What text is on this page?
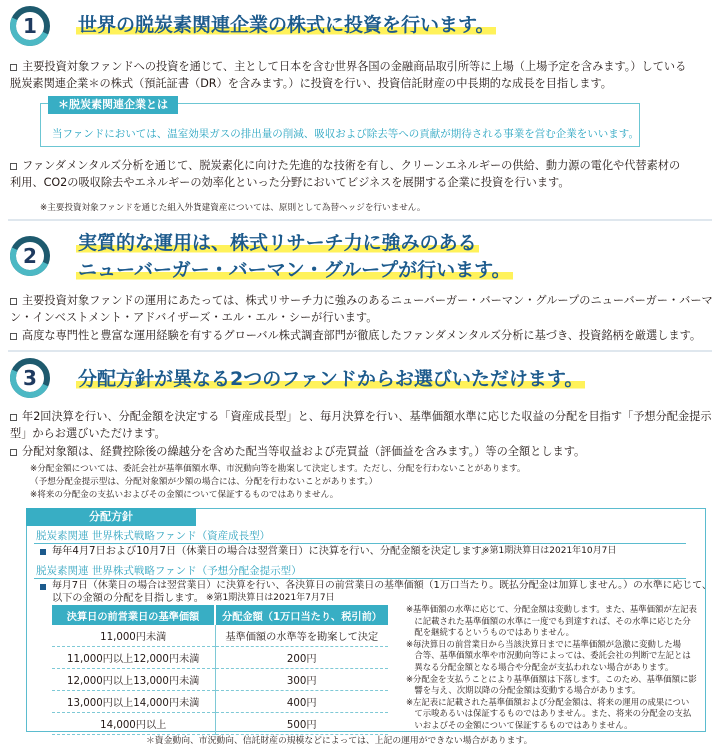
1 世界の脱炭素関連企業の株式に投資を行います。
主要投資対象ファンドへの投資を通じて、主として日本を含む世界各国の金融商品取引所等に上場（上場予定を含みます。）している
脱炭素関連企業＊の株式（預託証書（DR）を含みます。）に投資を行い、投資信託財産の中長期的な成長を目指します。
＊脱炭素関連企業とは
当ファンドにおいては、温室効果ガスの排出量の削減、吸収および除去等への貢献が期待される事業を営む企業をいいます。
ファンダメンタルズ分析を通じて、脱炭素化に向けた先進的な技術を有し、クリーンエネルギーの供給、動力源の電化や代替素材の
利用、CO2の吸収除去やエネルギーの効率化といった分野においてビジネスを展開する企業に投資を行います。
※主要投資対象ファンドを通じた組入外貨建資産については、原則として為替ヘッジを行いません。
2
実質的な運用は、株式リサーチ力に強みのある
ニューバーガー・バーマン・グループが行います。
主要投資対象ファンドの運用にあたっては、株式リサーチ力に強みのあるニューバーガー・バーマン・グループのニューバーガー・バーマ
ン・インベストメント・アドバイザーズ・エル・エル・シーが行います。
高度な専門性と豊富な運用経験を有するグローバル株式調査部門が徹底したファンダメンタルズ分析に基づき、投資銘柄を厳選します。
3 分配方針が異なる2つのファンドからお選びいただけます。
年2回決算を行い、分配金額を決定する「資産成長型」と、毎月決算を行い、基準価額水準に応じた収益の分配を目指す「予想分配金提示
型」からお選びいただけます。
分配対象額は、経費控除後の繰越分を含めた配当等収益および売買益（評価益を含みます。）等の全額とします。
※分配金額については、委託会社が基準価額水準、市況動向等を勘案して決定します。ただし、分配を行わないことがあります。
（予想分配金提示型は、分配対象額が少額の場合には、分配を行わないことがあります。）
※将来の分配金の支払いおよびその金額について保証するものではありません。
分配方針
脱炭素関連 世界株式戦略ファンド（資産成長型）
毎年4月7日および10月7日（休業日の場合は翌営業日）に決算を行い、分配金額を決定します。
※第1期決算日は2021年10月7日
脱炭素関連 世界株式戦略ファンド（予想分配金提示型）
毎月7日（休業日の場合は翌営業日）に決算を行い、各決算日の前営業日の基準価額（1万口当たり。既払分配金は加算しません。）の水準に応じて、
以下の金額の分配を目指します。 ※第1期決算日は2021年7月7日
決算日の前営業日の基準価額	分配金額（1万口当たり、税引前）
11,000円未満	基準価額の水準等を勘案して決定
11,000円以上12,000円未満	200円
12,000円以上13,000円未満	300円
13,000円以上14,000円未満	400円
14,000円以上	500円
※基準価額の水準に応じて、分配金額は変動します。また、基準価額が左記表
　に記載された基準価額の水準に一度でも到達すれば、その水準に応じた分
　配を継続するというものではありません。
※毎決算日の前営業日から当該決算日までに基準価額が急激に変動した場
　合等、基準価額水準や市況動向等によっては、委託会社の判断で左記とは
　異なる分配金額となる場合や分配金が支払われない場合があります。
※分配金を支払うことにより基準価額は下落します。このため、基準価額に影
　響を与え、次期以降の分配金額は変動する場合があります。
※左記表に記載された基準価額および分配金額は、将来の運用の成果につい
　て示唆あるいは保証するものではありません。また、将来の分配金の支払
　いおよびその金額について保証するものではありません。
＊資金動向、市況動向、信託財産の規模などによっては、上記の運用ができない場合があります。
